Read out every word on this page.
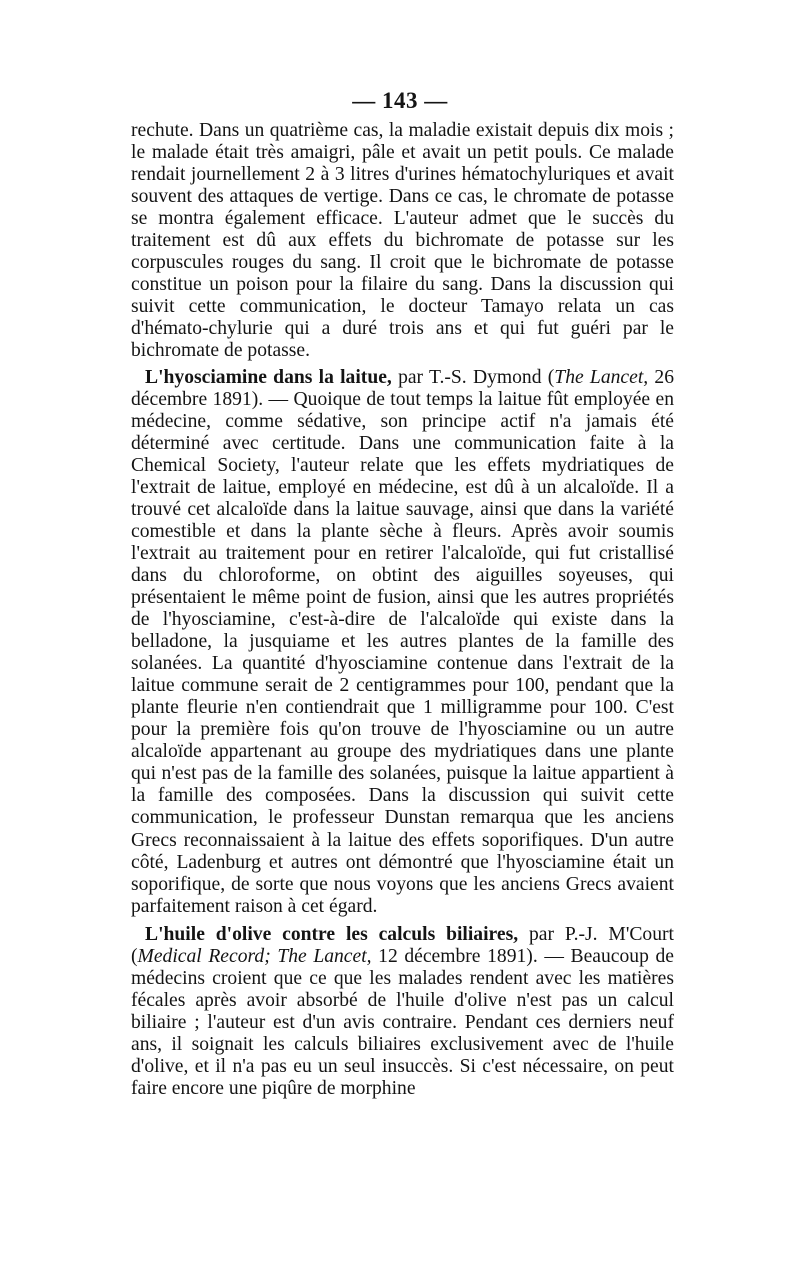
— 143 —

rechute. Dans un quatrième cas, la maladie existait depuis dix mois ; le malade était très amaigri, pâle et avait un petit pouls. Ce malade rendait journellement 2 à 3 litres d'urines hématochyluriques et avait souvent des attaques de vertige. Dans ce cas, le chromate de potasse se montra également efficace. L'auteur admet que le succès du traitement est dû aux effets du bichromate de potasse sur les corpuscules rouges du sang. Il croit que le bichromate de potasse constitue un poison pour la filaire du sang. Dans la discussion qui suivit cette communication, le docteur Tamayo relata un cas d'hémato-chylurie qui a duré trois ans et qui fut guéri par le bichromate de potasse.

L'hyosciamine dans la laitue, par T.-S. Dymond (The Lancet, 26 décembre 1891). — Quoique de tout temps la laitue fût employée en médecine, comme sédative, son principe actif n'a jamais été déterminé avec certitude. Dans une communication faite à la Chemical Society, l'auteur relate que les effets mydriatiques de l'extrait de laitue, employé en médecine, est dû à un alcaloïde. Il a trouvé cet alcaloïde dans la laitue sauvage, ainsi que dans la variété comestible et dans la plante sèche à fleurs. Après avoir soumis l'extrait au traitement pour en retirer l'alcaloïde, qui fut cristallisé dans du chloroforme, on obtint des aiguilles soyeuses, qui présentaient le même point de fusion, ainsi que les autres propriétés de l'hyosciamine, c'est-à-dire de l'alcaloïde qui existe dans la belladone, la jusquiame et les autres plantes de la famille des solanées. La quantité d'hyosciamine contenue dans l'extrait de la laitue commune serait de 2 centigrammes pour 100, pendant que la plante fleurie n'en contiendrait que 1 milligramme pour 100. C'est pour la première fois qu'on trouve de l'hyosciamine ou un autre alcaloïde appartenant au groupe des mydriatiques dans une plante qui n'est pas de la famille des solanées, puisque la laitue appartient à la famille des composées. Dans la discussion qui suivit cette communication, le professeur Dunstan remarqua que les anciens Grecs reconnaissaient à la laitue des effets soporifiques. D'un autre côté, Ladenburg et autres ont démontré que l'hyosciamine était un soporifique, de sorte que nous voyons que les anciens Grecs avaient parfaitement raison à cet égard.

L'huile d'olive contre les calculs biliaires, par P.-J. M'Court (Medical Record; The Lancet, 12 décembre 1891). — Beaucoup de médecins croient que ce que les malades rendent avec les matières fécales après avoir absorbé de l'huile d'olive n'est pas un calcul biliaire ; l'auteur est d'un avis contraire. Pendant ces derniers neuf ans, il soignait les calculs biliaires exclusivement avec de l'huile d'olive, et il n'a pas eu un seul insuccès. Si c'est nécessaire, on peut faire encore une piqûre de morphine
